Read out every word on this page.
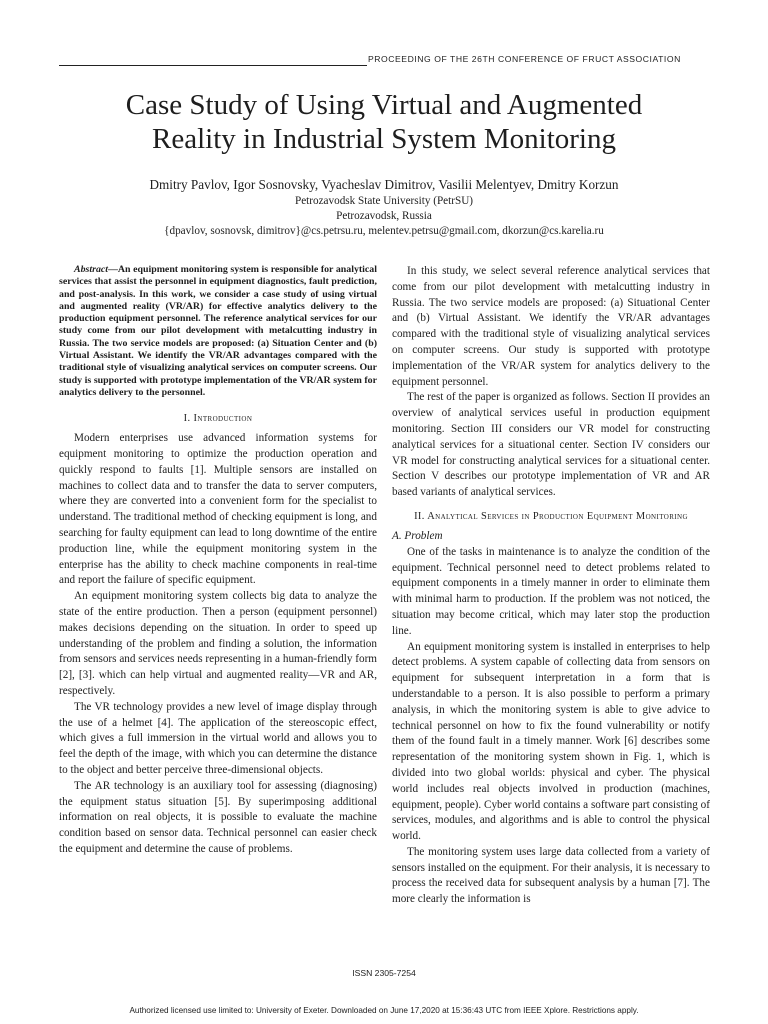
PROCEEDING OF THE 26TH CONFERENCE OF FRUCT ASSOCIATION
Case Study of Using Virtual and Augmented
Reality in Industrial System Monitoring
Dmitry Pavlov, Igor Sosnovsky, Vyacheslav Dimitrov, Vasilii Melentyev, Dmitry Korzun
Petrozavodsk State University (PetrSU)
Petrozavodsk, Russia
{dpavlov, sosnovsk, dimitrov}@cs.petrsu.ru, melentev.petrsu@gmail.com, dkorzun@cs.karelia.ru

Abstract—An equipment monitoring system is responsible for analytical services that assist the personnel in equipment diagnostics, fault prediction, and post-analysis. In this work, we consider a case study of using virtual and augmented reality (VR/AR) for effective analytics delivery to the production equipment personnel. The reference analytical services for our study come from our pilot development with metalcutting industry in Russia. The two service models are proposed: (a) Situation Center and (b) Virtual Assistant. We identify the VR/AR advantages compared with the traditional style of visualizing analytical services on computer screens. Our study is supported with prototype implementation of the VR/AR system for analytics delivery to the personnel.

I. Introduction

Modern enterprises use advanced information systems for equipment monitoring to optimize the production operation and quickly respond to faults [1]. Multiple sensors are installed on machines to collect data and to transfer the data to server computers, where they are converted into a convenient form for the specialist to understand. The traditional method of checking equipment is long, and searching for faulty equipment can lead to long downtime of the entire production line, while the equipment monitoring system in the enterprise has the ability to check machine components in real-time and report the failure of specific equipment.

An equipment monitoring system collects big data to analyze the state of the entire production. Then a person (equipment personnel) makes decisions depending on the situation. In order to speed up understanding of the problem and finding a solution, the information from sensors and services needs representing in a human-friendly form [2], [3]. which can help virtual and augmented reality—VR and AR, respectively.

The VR technology provides a new level of image display through the use of a helmet [4]. The application of the stereoscopic effect, which gives a full immersion in the virtual world and allows you to feel the depth of the image, with which you can determine the distance to the object and better perceive three-dimensional objects.

The AR technology is an auxiliary tool for assessing (diagnosing) the equipment status situation [5]. By superimposing additional information on real objects, it is possible to evaluate the machine condition based on sensor data. Technical personnel can easier check the equipment and determine the cause of problems.

In this study, we select several reference analytical services that come from our pilot development with metalcutting industry in Russia. The two service models are proposed: (a) Situational Center and (b) Virtual Assistant. We identify the VR/AR advantages compared with the traditional style of visualizing analytical services on computer screens. Our study is supported with prototype implementation of the VR/AR system for analytics delivery to the equipment personnel.

The rest of the paper is organized as follows. Section II provides an overview of analytical services useful in production equipment monitoring. Section III considers our VR model for constructing analytical services for a situational center. Section IV considers our VR model for constructing analytical services for a situational center. Section V describes our prototype implementation of VR and AR based variants of analytical services.

II. Analytical Services in Production Equipment Monitoring
A. Problem

One of the tasks in maintenance is to analyze the condition of the equipment. Technical personnel need to detect problems related to equipment components in a timely manner in order to eliminate them with minimal harm to production. If the problem was not noticed, the situation may become critical, which may later stop the production line.

An equipment monitoring system is installed in enterprises to help detect problems. A system capable of collecting data from sensors on equipment for subsequent interpretation in a form that is understandable to a person. It is also possible to perform a primary analysis, in which the monitoring system is able to give advice to technical personnel on how to fix the found vulnerability or notify them of the found fault in a timely manner. Work [6] describes some representation of the monitoring system shown in Fig. 1, which is divided into two global worlds: physical and cyber. The physical world includes real objects involved in production (machines, equipment, people). Cyber world contains a software part consisting of services, modules, and algorithms and is able to control the physical world.

The monitoring system uses large data collected from a variety of sensors installed on the equipment. For their analysis, it is necessary to process the received data for subsequent analysis by a human [7]. The more clearly the information is

ISSN 2305-7254
Authorized licensed use limited to: University of Exeter. Downloaded on June 17,2020 at 15:36:43 UTC from IEEE Xplore. Restrictions apply.
